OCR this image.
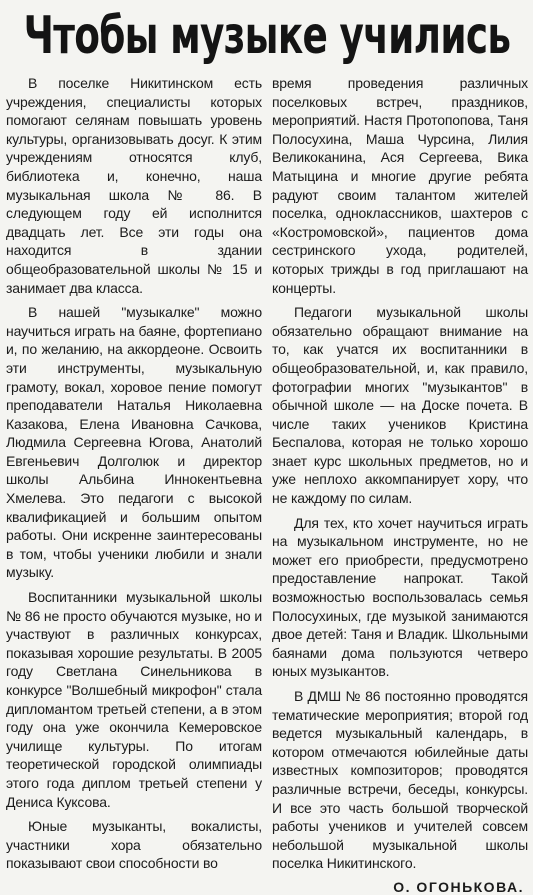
Чтобы музыке учились

В поселке Никитинском есть учреждения, специалисты которых помогают селянам повышать уровень культуры, организовывать досуг. К этим учреждениям относятся клуб, библиотека и, конечно, наша музыкальная школа № 86. В следующем году ей исполнится двадцать лет. Все эти годы она находится в здании общеобразовательной школы № 15 и занимает два класса.

В нашей "музыкалке" можно научиться играть на баяне, фортепиано и, по желанию, на аккордеоне. Освоить эти инструменты, музыкальную грамоту, вокал, хоровое пение помогут преподаватели Наталья Николаевна Казакова, Елена Ивановна Сачкова, Людмила Сергеевна Югова, Анатолий Евгеньевич Долголюк и директор школы Альбина Иннокентьевна Хмелева. Это педагоги с высокой квалификацией и большим опытом работы. Они искренне заинтересованы в том, чтобы ученики любили и знали музыку.

Воспитанники музыкальной школы № 86 не просто обучаются музыке, но и участвуют в различных конкурсах, показывая хорошие результаты. В 2005 году Светлана Синельникова в конкурсе "Волшебный микрофон" стала дипломантом третьей степени, а в этом году она уже окончила Кемеровское училище культуры. По итогам теоретической городской олимпиады этого года диплом третьей степени у Дениса Куксова.

Юные музыканты, вокалисты, участники хора обязательно показывают свои способности во

время проведения различных поселковых встреч, праздников, мероприятий. Настя Протопопова, Таня Полосухина, Маша Чурсина, Лилия Великоканина, Ася Сергеева, Вика Матыцина и многие другие ребята радуют своим талантом жителей поселка, одноклассников, шахтеров с «Костромовской», пациентов дома сестринского ухода, родителей, которых трижды в год приглашают на концерты.

Педагоги музыкальной школы обязательно обращают внимание на то, как учатся их воспитанники в общеобразовательной, и, как правило, фотографии многих "музыкантов" в обычной школе — на Доске почета. В числе таких учеников Кристина Беспалова, которая не только хорошо знает курс школьных предметов, но и уже неплохо аккомпанирует хору, что не каждому по силам.

Для тех, кто хочет научиться играть на музыкальном инструменте, но не может его приобрести, предусмотрено предоставление напрокат. Такой возможностью воспользовалась семья Полосухиных, где музыкой занимаются двое детей: Таня и Владик. Школьными баянами дома пользуются четверо юных музыкантов.

В ДМШ № 86 постоянно проводятся тематические мероприятия; второй год ведется музыкальный календарь, в котором отмечаются юбилейные даты известных композиторов; проводятся различные встречи, беседы, конкурсы. И все это часть большой творческой работы учеников и учителей совсем небольшой музыкальной школы поселка Никитинского.

О. ОГОНЬКОВА.
